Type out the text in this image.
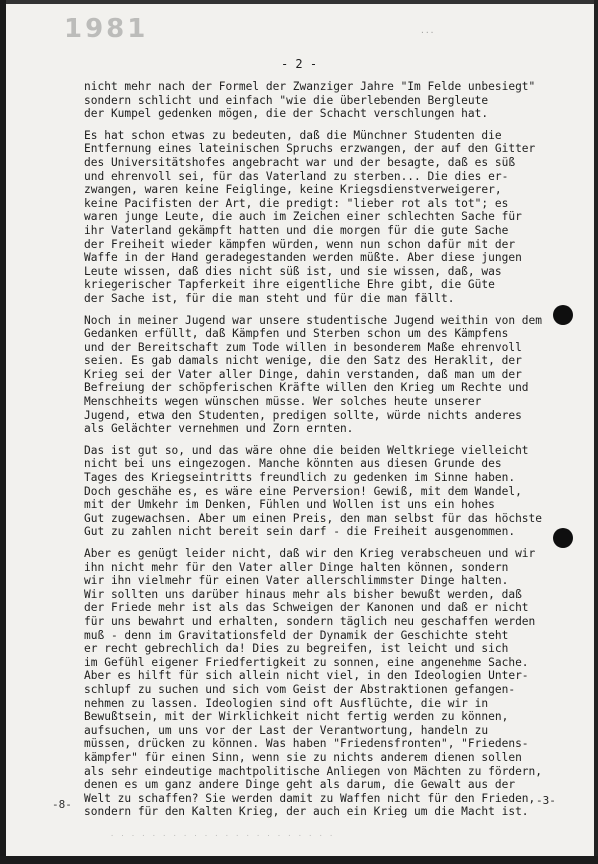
1981	...
- 2 -
nicht mehr nach der Formel der Zwanziger Jahre "Im Felde unbesiegt"
sondern schlicht und einfach "wie die überlebenden Bergleute
der Kumpel gedenken mögen, die der Schacht verschlungen hat.
Es hat schon etwas zu bedeuten, daß die Münchner Studenten die
Entfernung eines lateinischen Spruchs erzwangen, der auf den Gitter
des Universitätshofes angebracht war und der besagte, daß es süß
und ehrenvoll sei, für das Vaterland zu sterben... Die dies er-
zwangen, waren keine Feiglinge, keine Kriegsdienstverweigerer,
keine Pacifisten der Art, die predigt: "lieber rot als tot"; es
waren junge Leute, die auch im Zeichen einer schlechten Sache für
ihr Vaterland gekämpft hatten und die morgen für die gute Sache
der Freiheit wieder kämpfen würden, wenn nun schon dafür mit der
Waffe in der Hand geradegestanden werden müßte. Aber diese jungen
Leute wissen, daß dies nicht süß ist, und sie wissen, daß, was
kriegerischer Tapferkeit ihre eigentliche Ehre gibt, die Güte
der Sache ist, für die man steht und für die man fällt.
Noch in meiner Jugend war unsere studentische Jugend weithin von dem
Gedanken erfüllt, daß Kämpfen und Sterben schon um des Kämpfens
und der Bereitschaft zum Tode willen in besonderem Maße ehrenvoll
seien. Es gab damals nicht wenige, die den Satz des Heraklit, der
Krieg sei der Vater aller Dinge, dahin verstanden, daß man um der
Befreiung der schöpferischen Kräfte willen den Krieg um Rechte und
Menschheits wegen wünschen müsse. Wer solches heute unserer
Jugend, etwa den Studenten, predigen sollte, würde nichts anderes
als Gelächter vernehmen und Zorn ernten.
Das ist gut so, und das wäre ohne die beiden Weltkriege vielleicht
nicht bei uns eingezogen. Manche könnten aus diesen Grunde des
Tages des Kriegseintritts freundlich zu gedenken im Sinne haben.
Doch geschähe es, es wäre eine Perversion! Gewiß, mit dem Wandel,
mit der Umkehr im Denken, Fühlen und Wollen ist uns ein hohes
Gut zugewachsen. Aber um einen Preis, den man selbst für das höchste
Gut zu zahlen nicht bereit sein darf - die Freiheit ausgenommen.
Aber es genügt leider nicht, daß wir den Krieg verabscheuen und wir
ihn nicht mehr für den Vater aller Dinge halten können, sondern
wir ihn vielmehr für einen Vater allerschlimmster Dinge halten.
Wir sollten uns darüber hinaus mehr als bisher bewußt werden, daß
der Friede mehr ist als das Schweigen der Kanonen und daß er nicht
für uns bewahrt und erhalten, sondern täglich neu geschaffen werden
muß - denn im Gravitationsfeld der Dynamik der Geschichte steht
er recht gebrechlich da! Dies zu begreifen, ist leicht und sich
im Gefühl eigener Friedfertigkeit zu sonnen, eine angenehme Sache.
Aber es hilft für sich allein nicht viel, in den Ideologien Unter-
schlupf zu suchen und sich vom Geist der Abstraktionen gefangen-
nehmen zu lassen. Ideologien sind oft Ausflüchte, die wir in
Bewußtsein, mit der Wirklichkeit nicht fertig werden zu können,
aufsuchen, um uns vor der Last der Verantwortung, handeln zu
müssen, drücken zu können. Was haben "Friedensfronten", "Friedens-
kämpfer" für einen Sinn, wenn sie zu nichts anderem dienen sollen
als sehr eindeutige machtpolitische Anliegen von Mächten zu fördern,
denen es um ganz andere Dinge geht als darum, die Gewalt aus der
Welt zu schaffen? Sie werden damit zu Waffen nicht für den Frieden,
sondern für den Kalten Krieg, der auch ein Krieg um die Macht ist.
-8-	-3-
. . . . . . . . . . . . . . . . . . . . . .
